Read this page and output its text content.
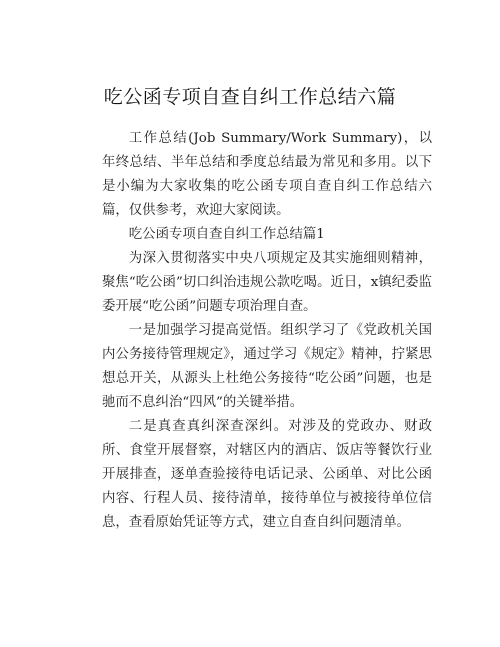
吃公函专项自查自纠工作总结六篇

工作总结(Job Summary/Work Summary)，以年终总结、半年总结和季度总结最为常见和多用。以下是小编为大家收集的吃公函专项自查自纠工作总结六篇，仅供参考，欢迎大家阅读。

吃公函专项自查自纠工作总结篇1

为深入贯彻落实中央八项规定及其实施细则精神，聚焦“吃公函”切口纠治违规公款吃喝。近日，x镇纪委监委开展“吃公函”问题专项治理自查。

一是加强学习提高觉悟。组织学习了《党政机关国内公务接待管理规定》，通过学习《规定》精神，拧紧思想总开关，从源头上杜绝公务接待“吃公函”问题，也是驰而不息纠治“四风”的关键举措。

二是真查真纠深查深纠。对涉及的党政办、财政所、食堂开展督察，对辖区内的酒店、饭店等餐饮行业开展排查，逐单查验接待电话记录、公函单、对比公函内容、行程人员、接待清单，接待单位与被接待单位信息，查看原始凭证等方式，建立自查自纠问题清单。
